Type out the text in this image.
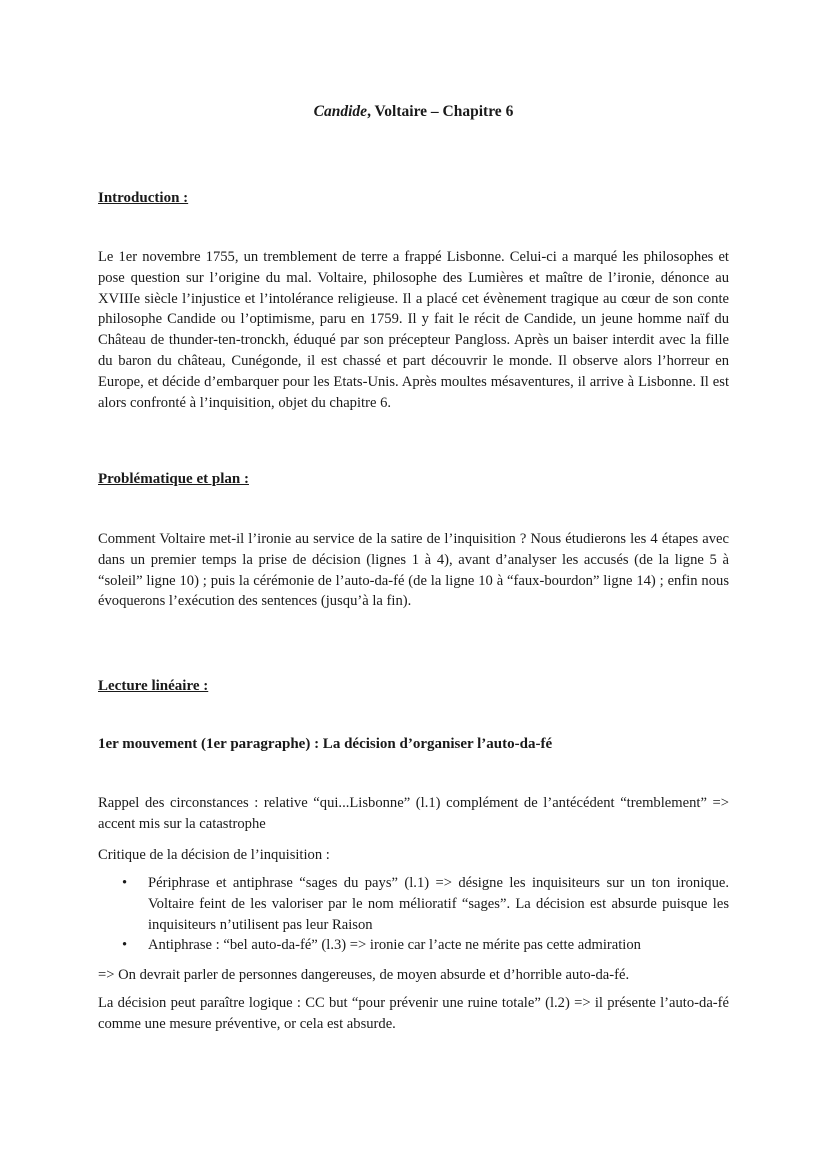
Candide, Voltaire – Chapitre 6
Introduction :

Le 1er novembre 1755, un tremblement de terre a frappé Lisbonne. Celui-ci a marqué les philosophes et pose question sur l’origine du mal. Voltaire, philosophe des Lumières et maître de l’ironie, dénonce au XVIIIe siècle l’injustice et l’intolérance religieuse. Il a placé cet évènement tragique au cœur de son conte philosophe Candide ou l’optimisme, paru en 1759. Il y fait le récit de Candide, un jeune homme naïf du Château de thunder-ten-tronckh, éduqué par son précepteur Pangloss. Après un baiser interdit avec la fille du baron du château, Cunégonde, il est chassé et part découvrir le monde. Il observe alors l’horreur en Europe, et décide d’embarquer pour les Etats-Unis. Après moultes mésaventures, il arrive à Lisbonne. Il est alors confronté à l’inquisition, objet du chapitre 6.

Problématique et plan :

Comment Voltaire met-il l’ironie au service de la satire de l’inquisition ? Nous étudierons les 4 étapes avec dans un premier temps la prise de décision (lignes 1 à 4), avant d’analyser les accusés (de la ligne 5 à “soleil” ligne 10) ; puis la cérémonie de l’auto-da-fé (de la ligne 10 à “faux-bourdon” ligne 14) ; enfin nous évoquerons l’exécution des sentences (jusqu’à la fin).

Lecture linéaire :
1er mouvement (1er paragraphe) : La décision d’organiser l’auto-da-fé

Rappel des circonstances : relative “qui...Lisbonne” (l.1) complément de l’antécédent “tremblement” => accent mis sur la catastrophe

Critique de la décision de l’inquisition :

• Périphrase et antiphrase “sages du pays” (l.1) => désigne les inquisiteurs sur un ton ironique. Voltaire feint de les valoriser par le nom mélioratif “sages”. La décision est absurde puisque les inquisiteurs n’utilisent pas leur Raison
• Antiphrase : “bel auto-da-fé” (l.3) => ironie car l’acte ne mérite pas cette admiration

=> On devrait parler de personnes dangereuses, de moyen absurde et d’horrible auto-da-fé.

La décision peut paraître logique : CC but “pour prévenir une ruine totale” (l.2) => il présente l’auto-da-fé comme une mesure préventive, or cela est absurde.
